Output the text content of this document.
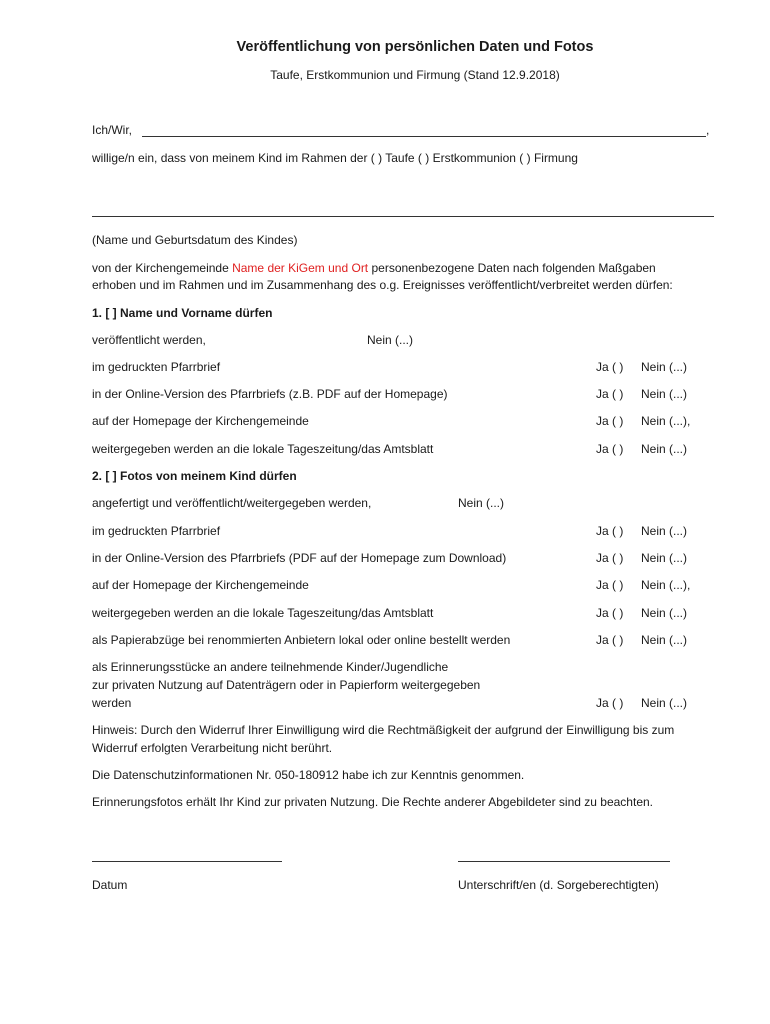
Veröffentlichung von persönlichen Daten und Fotos
Taufe, Erstkommunion und Firmung (Stand 12.9.2018)
Ich/Wir,	,
willige/n ein, dass von meinem Kind im Rahmen der ( ) Taufe ( ) Erstkommunion ( ) Firmung
(Name und Geburtsdatum des Kindes)
von der Kirchengemeinde Name der KiGem und Ort personenbezogene Daten nach folgenden Maßgaben
erhoben und im Rahmen und im Zusammenhang des o.g. Ereignisses veröffentlicht/verbreitet werden dürfen:
1. [ ] Name und Vorname dürfen
veröffentlicht werden,	Nein (...)
im gedruckten Pfarrbrief	Ja ( ) Nein (...)
in der Online-Version des Pfarrbriefs (z.B. PDF auf der Homepage)	Ja ( ) Nein (...)
auf der Homepage der Kirchengemeinde	Ja ( ) Nein (...),
weitergegeben werden an die lokale Tageszeitung/das Amtsblatt	Ja ( ) Nein (...)
2. [ ] Fotos von meinem Kind dürfen
angefertigt und veröffentlicht/weitergegeben werden,	Nein (...)
im gedruckten Pfarrbrief	Ja ( ) Nein (...)
in der Online-Version des Pfarrbriefs (PDF auf der Homepage zum Download)	Ja ( ) Nein (...)
auf der Homepage der Kirchengemeinde	Ja ( ) Nein (...),
weitergegeben werden an die lokale Tageszeitung/das Amtsblatt	Ja ( ) Nein (...)
als Papierabzüge bei renommierten Anbietern lokal oder online bestellt werden	Ja ( ) Nein (...)
als Erinnerungsstücke an andere teilnehmende Kinder/Jugendliche
zur privaten Nutzung auf Datenträgern oder in Papierform weitergegeben
werden	Ja ( ) Nein (...)
Hinweis: Durch den Widerruf Ihrer Einwilligung wird die Rechtmäßigkeit der aufgrund der Einwilligung bis zum
Widerruf erfolgten Verarbeitung nicht berührt.
Die Datenschutzinformationen Nr. 050-180912 habe ich zur Kenntnis genommen.
Erinnerungsfotos erhält Ihr Kind zur privaten Nutzung. Die Rechte anderer Abgebildeter sind zu beachten.
Datum	Unterschrift/en (d. Sorgeberechtigten)
